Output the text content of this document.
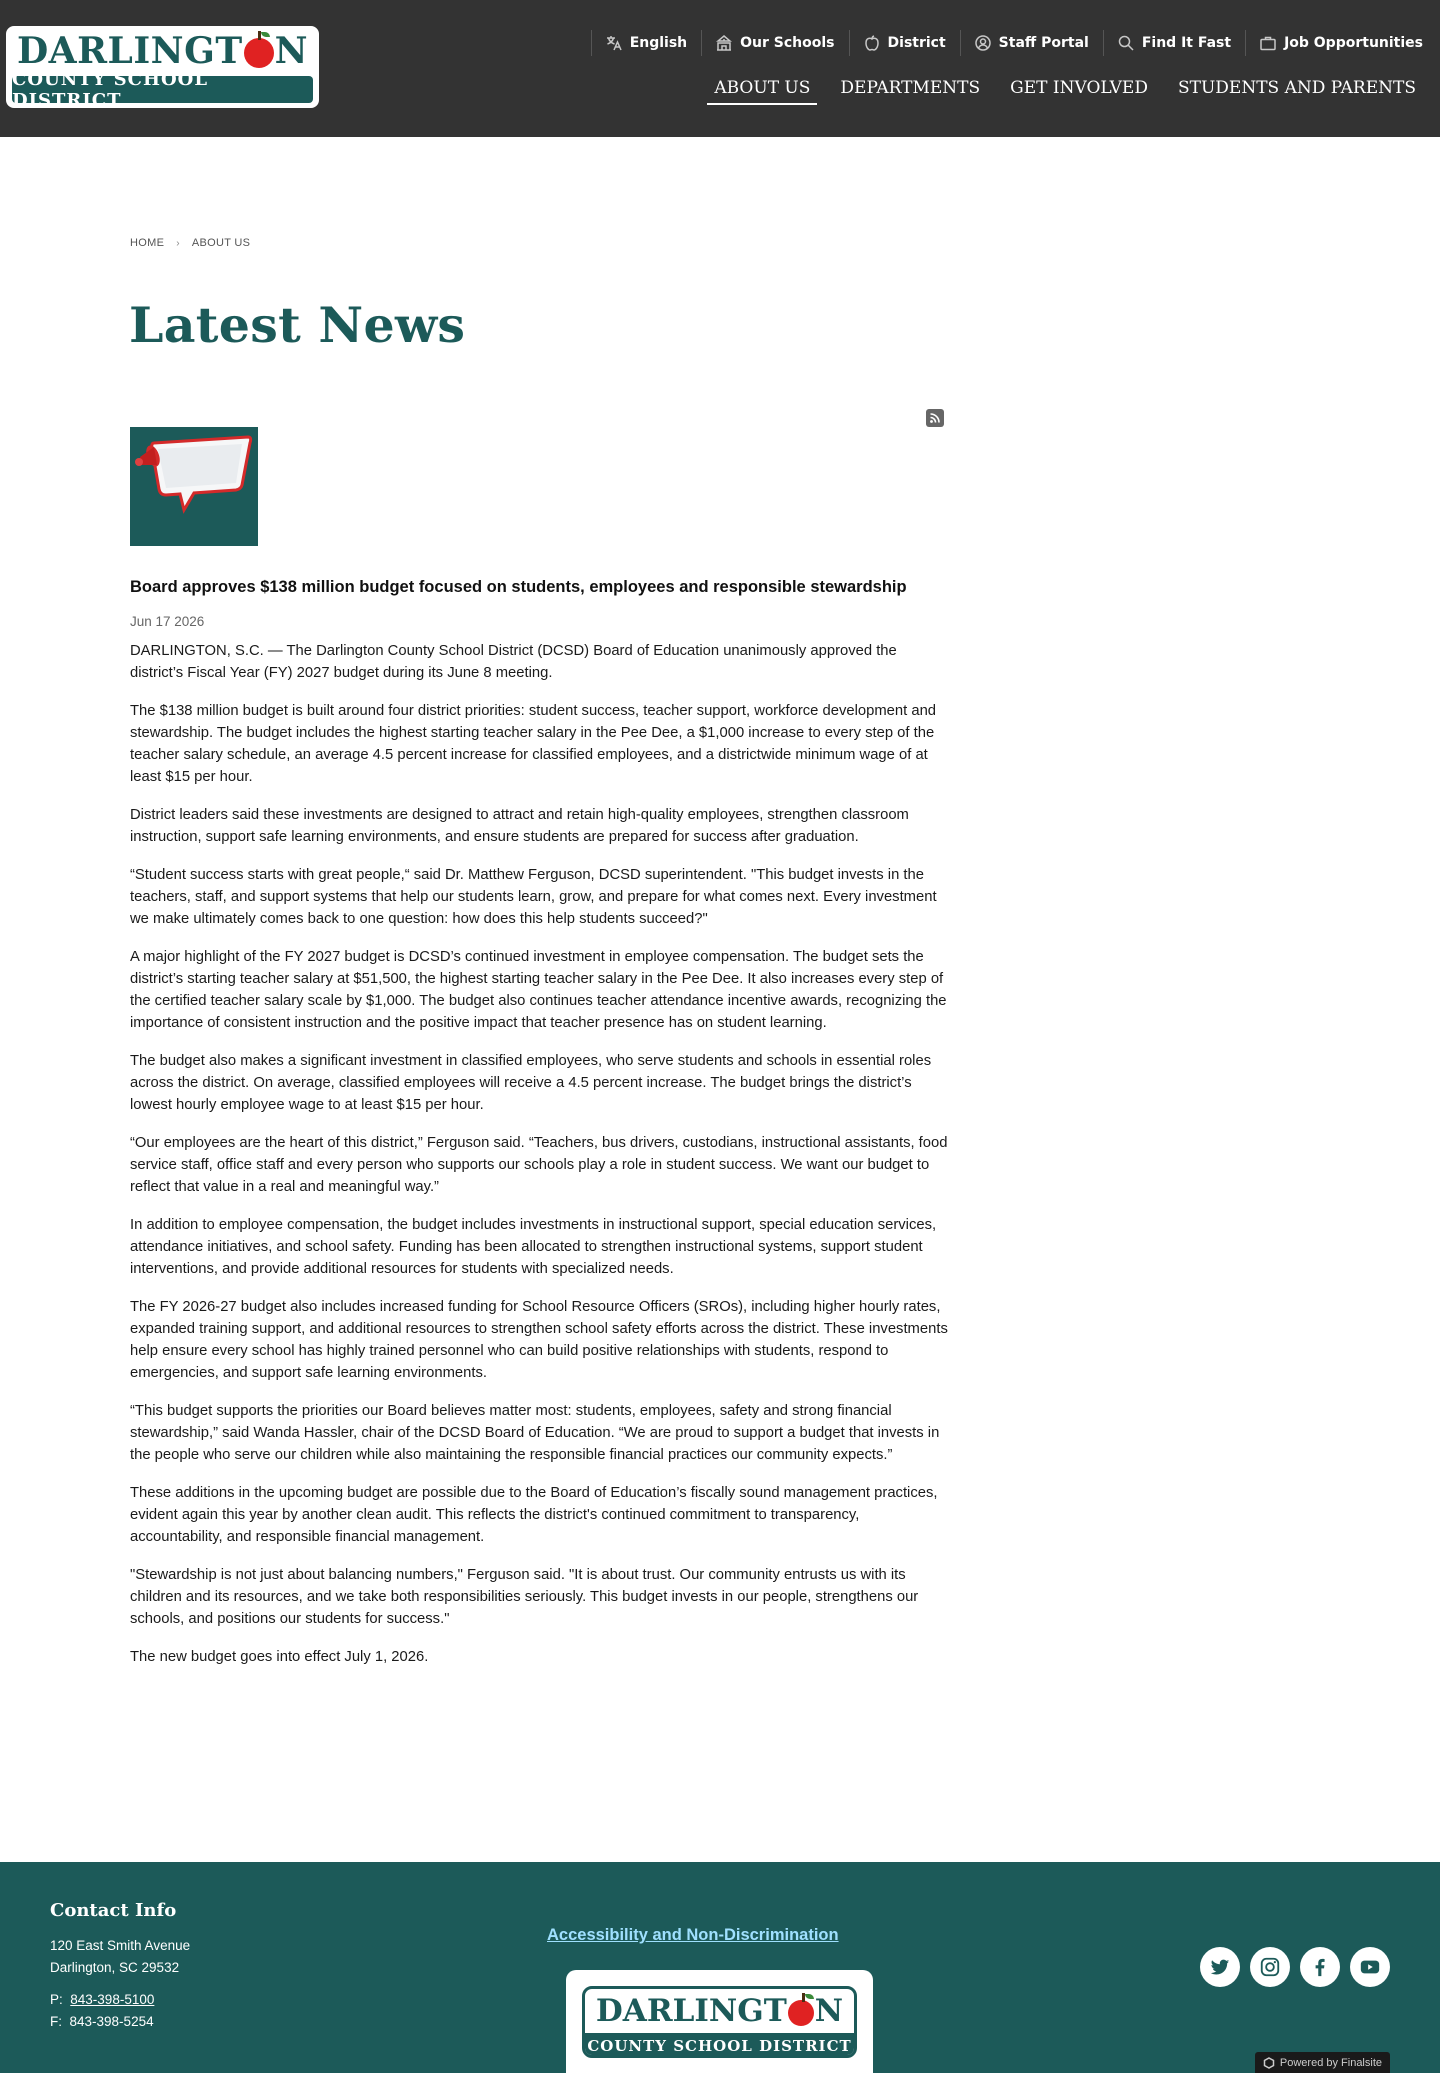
DARLINGT N
COUNTY SCHOOL DISTRICT
English	Our Schools	District	Staff Portal	Find It Fast	Job Opportunities
ABOUT US	DEPARTMENTS	GET INVOLVED	STUDENTS AND PARENTS
HOME › ABOUT US
Latest News
Board approves $138 million budget focused on students, employees and responsible stewardship
Jun 17 2026

DARLINGTON, S.C. — The Darlington County School District (DCSD) Board of Education unanimously approved the district’s Fiscal Year (FY) 2027 budget during its June 8 meeting.

The $138 million budget is built around four district priorities: student success, teacher support, workforce development and stewardship. The budget includes the highest starting teacher salary in the Pee Dee, a $1,000 increase to every step of the teacher salary schedule, an average 4.5 percent increase for classified employees, and a districtwide minimum wage of at least $15 per hour.

District leaders said these investments are designed to attract and retain high-quality employees, strengthen classroom instruction, support safe learning environments, and ensure students are prepared for success after graduation.

“Student success starts with great people,“ said Dr. Matthew Ferguson, DCSD superintendent. "This budget invests in the teachers, staff, and support systems that help our students learn, grow, and prepare for what comes next. Every investment we make ultimately comes back to one question: how does this help students succeed?"

A major highlight of the FY 2027 budget is DCSD’s continued investment in employee compensation. The budget sets the district’s starting teacher salary at $51,500, the highest starting teacher salary in the Pee Dee. It also increases every step of the certified teacher salary scale by $1,000. The budget also continues teacher attendance incentive awards, recognizing the importance of consistent instruction and the positive impact that teacher presence has on student learning.

The budget also makes a significant investment in classified employees, who serve students and schools in essential roles across the district. On average, classified employees will receive a 4.5 percent increase. The budget brings the district’s lowest hourly employee wage to at least $15 per hour.

“Our employees are the heart of this district,” Ferguson said. “Teachers, bus drivers, custodians, instructional assistants, food service staff, office staff and every person who supports our schools play a role in student success. We want our budget to reflect that value in a real and meaningful way.”

In addition to employee compensation, the budget includes investments in instructional support, special education services, attendance initiatives, and school safety. Funding has been allocated to strengthen instructional systems, support student interventions, and provide additional resources for students with specialized needs.

The FY 2026-27 budget also includes increased funding for School Resource Officers (SROs), including higher hourly rates, expanded training support, and additional resources to strengthen school safety efforts across the district. These investments help ensure every school has highly trained personnel who can build positive relationships with students, respond to emergencies, and support safe learning environments.

“This budget supports the priorities our Board believes matter most: students, employees, safety and strong financial stewardship,” said Wanda Hassler, chair of the DCSD Board of Education. “We are proud to support a budget that invests in the people who serve our children while also maintaining the responsible financial practices our community expects.”

These additions in the upcoming budget are possible due to the Board of Education’s fiscally sound management practices, evident again this year by another clean audit. This reflects the district's continued commitment to transparency, accountability, and responsible financial management.

"Stewardship is not just about balancing numbers," Ferguson said. "It is about trust. Our community entrusts us with its children and its resources, and we take both responsibilities seriously. This budget invests in our people, strengthens our schools, and positions our students for success."

The new budget goes into effect July 1, 2026.

Contact Info
120 East Smith Avenue
Darlington, SC 29532
P: 843-398-5100
F: 843-398-5254
Accessibility and Non-Discrimination
DARLINGT N
COUNTY SCHOOL DISTRICT
Powered by Finalsite
